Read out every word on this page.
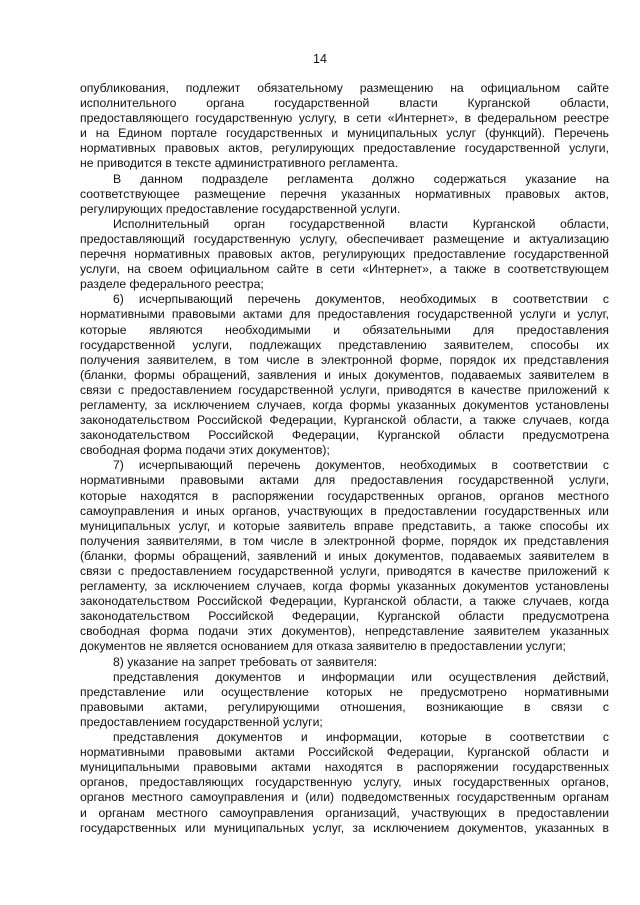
14
опубликования, подлежит обязательному размещению на официальном сайте
исполнительного органа государственной власти Курганской области,
предоставляющего государственную услугу, в сети «Интернет», в федеральном реестре
и на Едином портале государственных и муниципальных услуг (функций). Перечень
нормативных правовых актов, регулирующих предоставление государственной услуги,
не приводится в тексте административного регламента.
В данном подразделе регламента должно содержаться указание на
соответствующее размещение перечня указанных нормативных правовых актов,
регулирующих предоставление государственной услуги.
Исполнительный орган государственной власти Курганской области,
предоставляющий государственную услугу, обеспечивает размещение и актуализацию
перечня нормативных правовых актов, регулирующих предоставление государственной
услуги, на своем официальном сайте в сети «Интернет», а также в соответствующем
разделе федерального реестра;
6) исчерпывающий перечень документов, необходимых в соответствии с
нормативными правовыми актами для предоставления государственной услуги и услуг,
которые являются необходимыми и обязательными для предоставления
государственной услуги, подлежащих представлению заявителем, способы их
получения заявителем, в том числе в электронной форме, порядок их представления
(бланки, формы обращений, заявления и иных документов, подаваемых заявителем в
связи с предоставлением государственной услуги, приводятся в качестве приложений к
регламенту, за исключением случаев, когда формы указанных документов установлены
законодательством Российской Федерации, Курганской области, а также случаев, когда
законодательством Российской Федерации, Курганской области предусмотрена
свободная форма подачи этих документов);
7) исчерпывающий перечень документов, необходимых в соответствии с
нормативными правовыми актами для предоставления государственной услуги,
которые находятся в распоряжении государственных органов, органов местного
самоуправления и иных органов, участвующих в предоставлении государственных или
муниципальных услуг, и которые заявитель вправе представить, а также способы их
получения заявителями, в том числе в электронной форме, порядок их представления
(бланки, формы обращений, заявлений и иных документов, подаваемых заявителем в
связи с предоставлением государственной услуги, приводятся в качестве приложений к
регламенту, за исключением случаев, когда формы указанных документов установлены
законодательством Российской Федерации, Курганской области, а также случаев, когда
законодательством Российской Федерации, Курганской области предусмотрена
свободная форма подачи этих документов), непредставление заявителем указанных
документов не является основанием для отказа заявителю в предоставлении услуги;
8) указание на запрет требовать от заявителя:
представления документов и информации или осуществления действий,
представление или осуществление которых не предусмотрено нормативными
правовыми актами, регулирующими отношения, возникающие в связи с
предоставлением государственной услуги;
представления документов и информации, которые в соответствии с
нормативными правовыми актами Российской Федерации, Курганской области и
муниципальными правовыми актами находятся в распоряжении государственных
органов, предоставляющих государственную услугу, иных государственных органов,
органов местного самоуправления и (или) подведомственных государственным органам
и органам местного самоуправления организаций, участвующих в предоставлении
государственных или муниципальных услуг, за исключением документов, указанных в
